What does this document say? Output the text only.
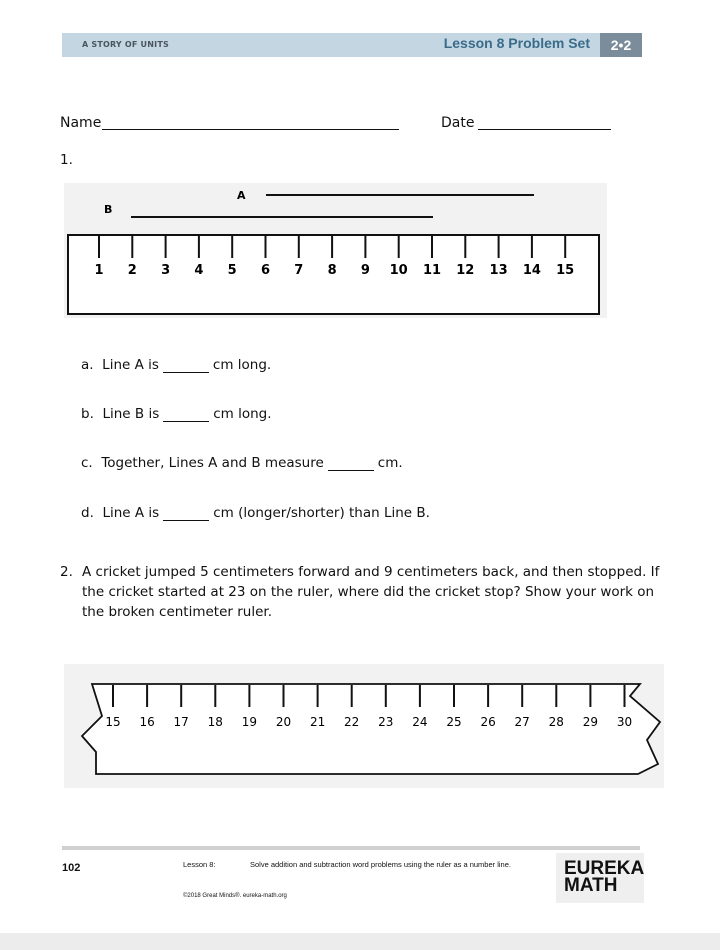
A STORY OF UNITS	Lesson 8 Problem Set	2•2
Name	Date
1.
A
B
1 2 3 4 5 6 7 8 9 10 11 12 13 14 15
15 16 17 18 19 20 21 22 23 24 25 26 27 28 29 30
a. Line A is	cm long.
b. Line B is	cm long.
c. Together, Lines A and B measure	cm.
d. Line A is	cm (longer/shorter) than Line B.
2. A cricket jumped 5 centimeters forward and 9 centimeters back, and then stopped. If the cricket started at 23 on the ruler, where did the cricket stop? Show your work on the broken centimeter ruler.
102	Lesson 8:	Solve addition and subtraction word problems using the ruler as a number line.
©2018 Great Minds®. eureka-math.org
EUREKA
MATH
